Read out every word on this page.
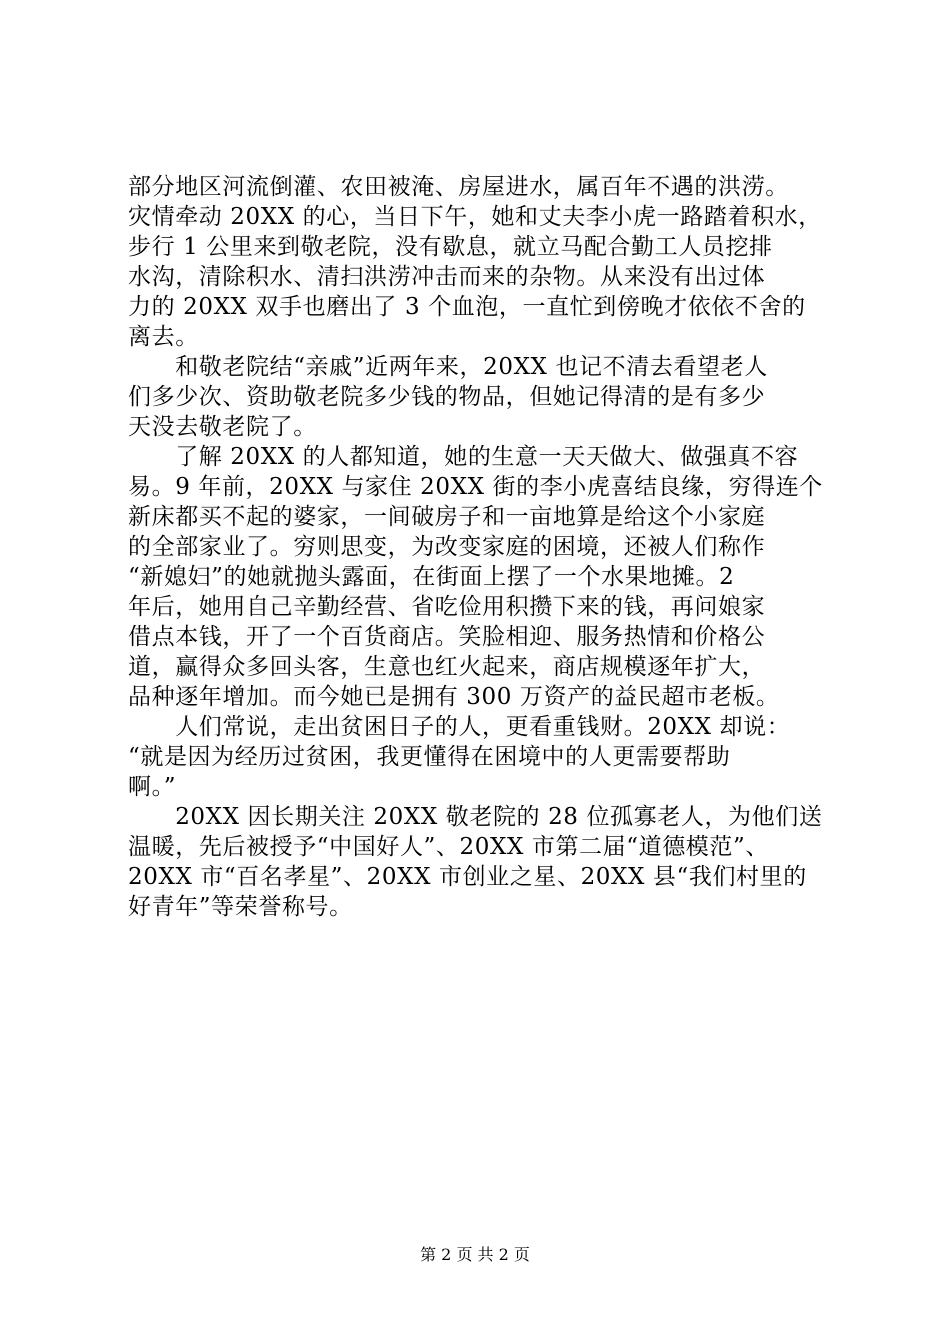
部分地区河流倒灌、农田被淹、房屋进水，属百年不遇的洪涝。
灾情牵动 20XX 的心，当日下午，她和丈夫李小虎一路踏着积水，
步行 1 公里来到敬老院，没有歇息，就立马配合勤工人员挖排
水沟，清除积水、清扫洪涝冲击而来的杂物。从来没有出过体
力的 20XX 双手也磨出了 3 个血泡，一直忙到傍晚才依依不舍的
离去。
　　和敬老院结“亲戚”近两年来，20XX 也记不清去看望老人
们多少次、资助敬老院多少钱的物品，但她记得清的是有多少
天没去敬老院了。
　　了解 20XX 的人都知道，她的生意一天天做大、做强真不容
易。9 年前，20XX 与家住 20XX 街的李小虎喜结良缘，穷得连个
新床都买不起的婆家，一间破房子和一亩地算是给这个小家庭
的全部家业了。穷则思变，为改变家庭的困境，还被人们称作
“新媳妇”的她就抛头露面，在街面上摆了一个水果地摊。2
年后，她用自己辛勤经营、省吃俭用积攒下来的钱，再问娘家
借点本钱，开了一个百货商店。笑脸相迎、服务热情和价格公
道，赢得众多回头客，生意也红火起来，商店规模逐年扩大，
品种逐年增加。而今她已是拥有 300 万资产的益民超市老板。
　　人们常说，走出贫困日子的人，更看重钱财。20XX 却说：
“就是因为经历过贫困，我更懂得在困境中的人更需要帮助
啊。”
　　20XX 因长期关注 20XX 敬老院的 28 位孤寡老人，为他们送
温暖，先后被授予“中国好人”、20XX 市第二届“道德模范”、
20XX 市“百名孝星”、20XX 市创业之星、20XX 县“我们村里的
好青年”等荣誉称号。
第 2 页 共 2 页
